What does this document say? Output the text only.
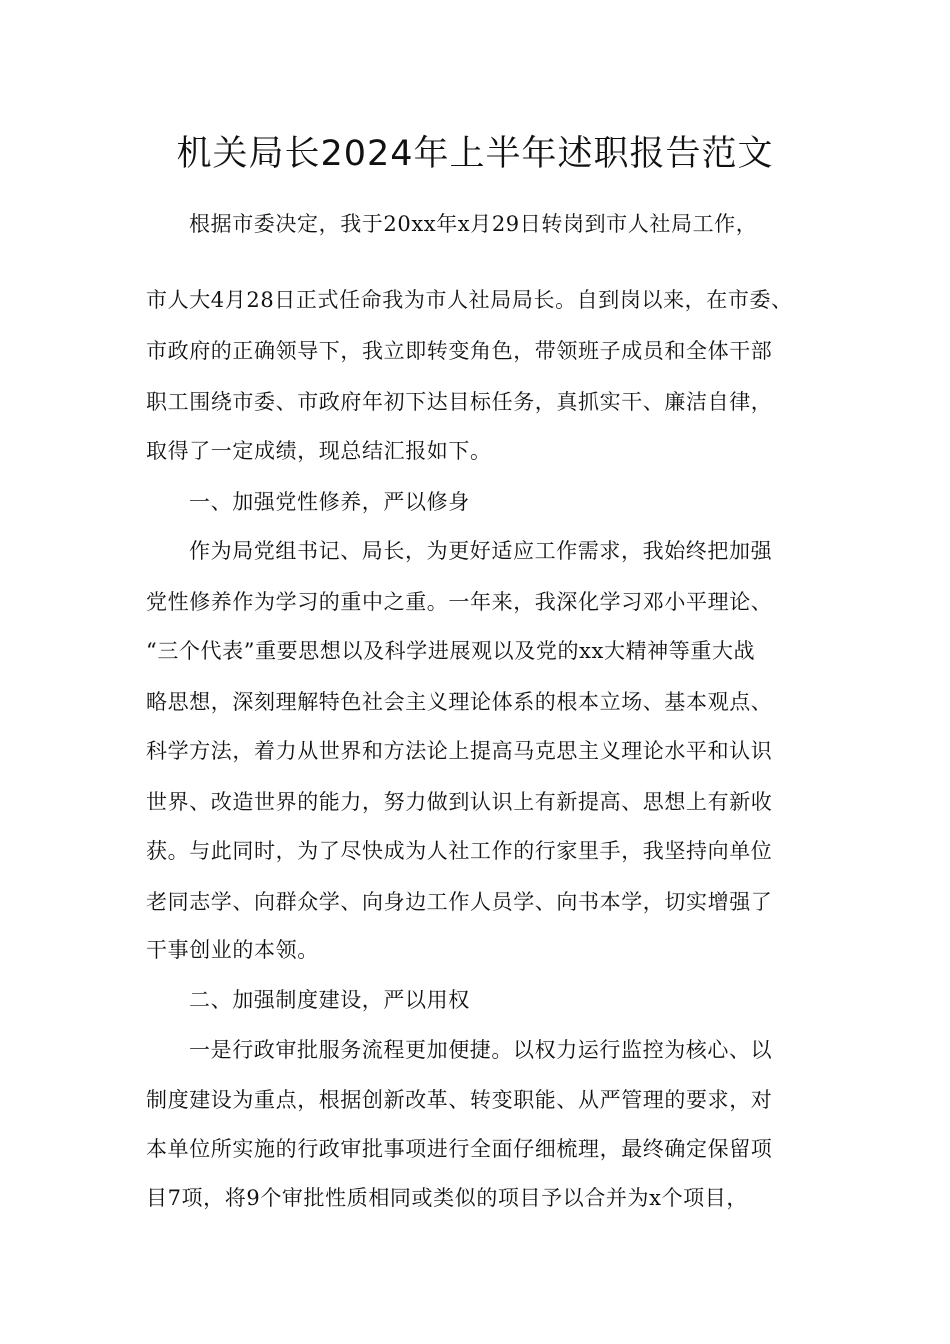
机关局长2024年上半年述职报告范文
根据市委决定，我于20xx年x月29日转岗到市人社局工作，
市人大4月28日正式任命我为市人社局局长。自到岗以来，在市委、
市政府的正确领导下，我立即转变角色，带领班子成员和全体干部
职工围绕市委、市政府年初下达目标任务，真抓实干、廉洁自律，
取得了一定成绩，现总结汇报如下。
一、加强党性修养，严以修身
作为局党组书记、局长，为更好适应工作需求，我始终把加强
党性修养作为学习的重中之重。一年来，我深化学习邓小平理论、
“三个代表”重要思想以及科学进展观以及党的xx大精神等重大战
略思想，深刻理解特色社会主义理论体系的根本立场、基本观点、
科学方法，着力从世界和方法论上提高马克思主义理论水平和认识
世界、改造世界的能力，努力做到认识上有新提高、思想上有新收
获。与此同时，为了尽快成为人社工作的行家里手，我坚持向单位
老同志学、向群众学、向身边工作人员学、向书本学，切实增强了
干事创业的本领。
二、加强制度建设，严以用权
一是行政审批服务流程更加便捷。以权力运行监控为核心、以
制度建设为重点，根据创新改革、转变职能、从严管理的要求，对
本单位所实施的行政审批事项进行全面仔细梳理，最终确定保留项
目7项，将9个审批性质相同或类似的项目予以合并为x个项目，
